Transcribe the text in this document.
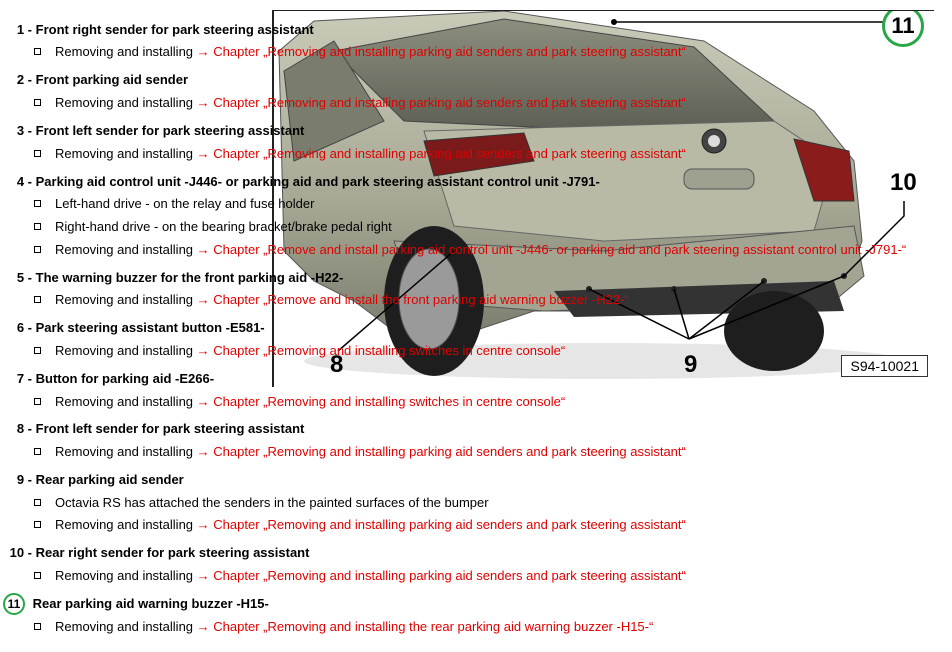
8	9
10
11
S94-10021
1 - Front right sender for park steering assistant
Removing and installing → Chapter „Removing and installing parking aid senders and park steering assistant“
2 - Front parking aid sender
Removing and installing → Chapter „Removing and installing parking aid senders and park steering assistant“
3 - Front left sender for park steering assistant
Removing and installing → Chapter „Removing and installing parking aid senders and park steering assistant“
4 - Parking aid control unit -J446- or parking aid and park steering assistant control unit -J791-
Left-hand drive - on the relay and fuse holder
Right-hand drive - on the bearing bracket/brake pedal right
Removing and installing → Chapter „Remove and install parking aid control unit -J446- or parking aid and park steering assistant control unit -J791-“
5 - The warning buzzer for the front parking aid -H22-
Removing and installing → Chapter „Remove and install the front parking aid warning buzzer -H22-“
6 - Park steering assistant button -E581-
Removing and installing → Chapter „Removing and installing switches in centre console“
7 - Button for parking aid -E266-
Removing and installing → Chapter „Removing and installing switches in centre console“
8 - Front left sender for park steering assistant
Removing and installing → Chapter „Removing and installing parking aid senders and park steering assistant“
9 - Rear parking aid sender
Octavia RS has attached the senders in the painted surfaces of the bumper
Removing and installing → Chapter „Removing and installing parking aid senders and park steering assistant“
10 - Rear right sender for park steering assistant
Removing and installing → Chapter „Removing and installing parking aid senders and park steering assistant“
11 Rear parking aid warning buzzer -H15-
Removing and installing → Chapter „Removing and installing the rear parking aid warning buzzer -H15-“
